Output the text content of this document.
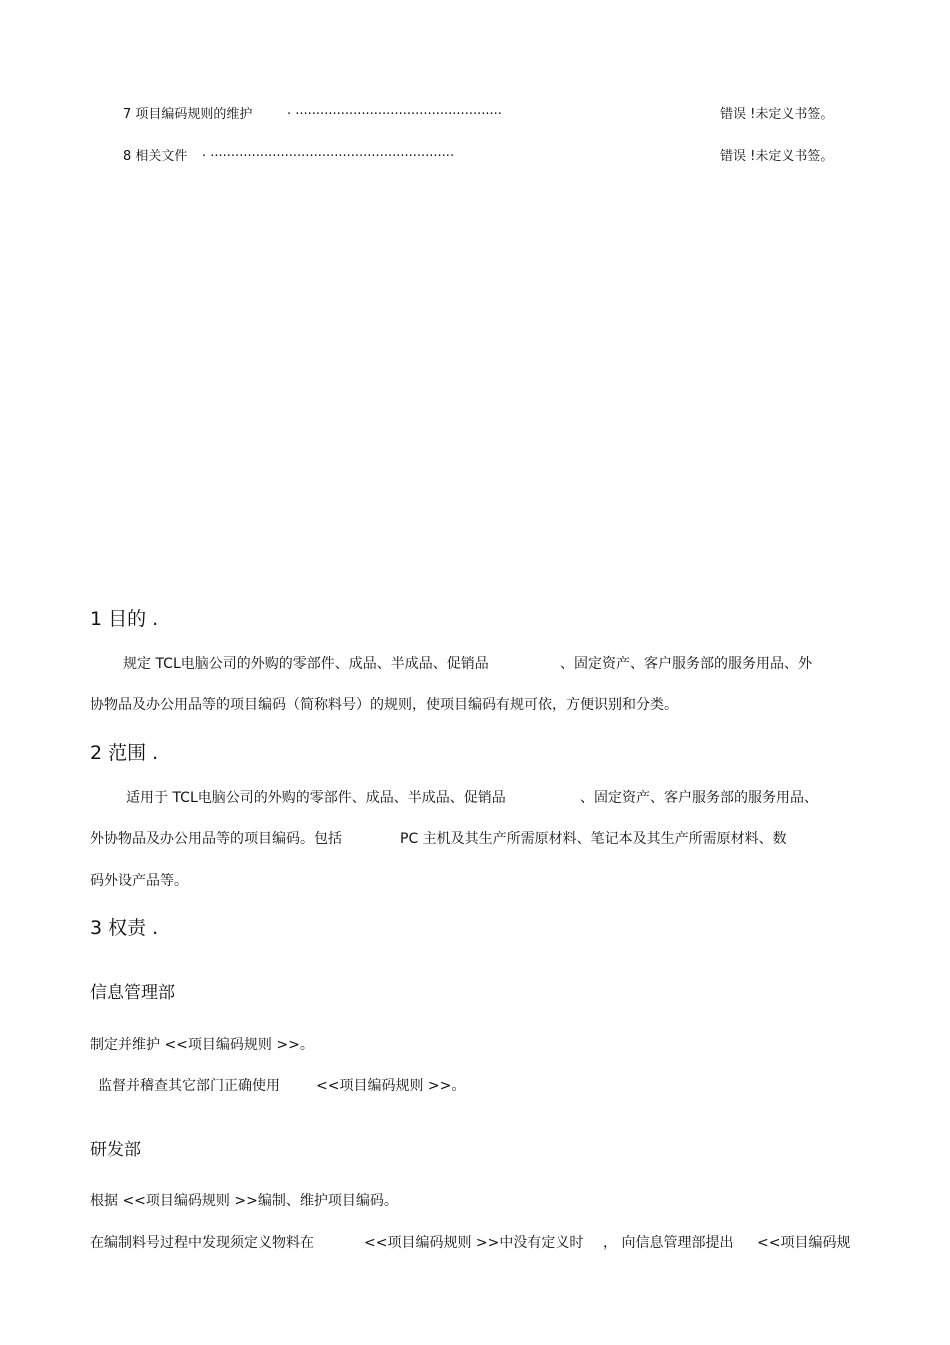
7 项目编码规则的维护	. ..................................................	错误 !未定义书签。
8 相关文件 . ...........................................................	错误 !未定义书签。
1 目的 .
规定 TCL电脑公司的外购的零部件、成品、半成品、促销品	、固定资产、客户服务部的服务用品、外
协物品及办公用品等的项目编码（简称料号）的规则，使项目编码有规可依，方便识别和分类。
2 范围 .
适用于 TCL电脑公司的外购的零部件、成品、半成品、促销品	、固定资产、客户服务部的服务用品、
外协物品及办公用品等的项目编码。包括	PC 主机及其生产所需原材料、笔记本及其生产所需原材料、数
码外设产品等。
3 权责 .
信息管理部
制定并维护 <<项目编码规则 >>。
监督并稽查其它部门正确使用	<<项目编码规则 >>。
研发部
根据 <<项目编码规则 >>编制、维护项目编码。
在编制料号过程中发现须定义物料在	<<项目编码规则 >>中没有定义时 ， 向信息管理部提出 <<项目编码规
